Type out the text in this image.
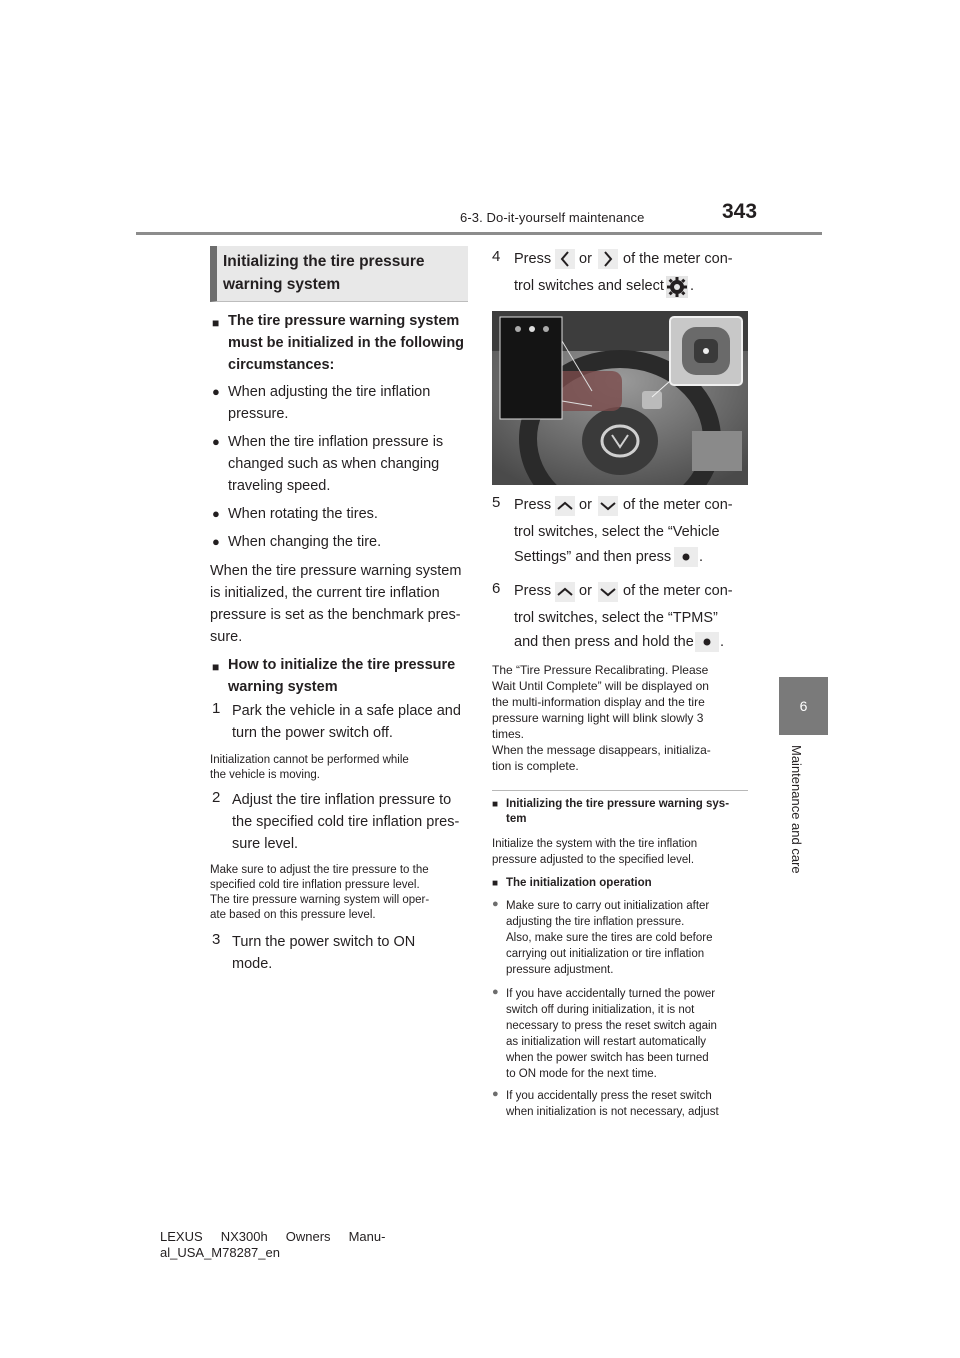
6-3. Do-it-yourself maintenance	343
6
Maintenance and care
Initializing the tire pressure warning system
■ The tire pressure warning system
must be initialized in the following
circumstances:
● When adjusting the tire inflation
pressure.
● When the tire inflation pressure is
changed such as when changing
traveling speed.
● When rotating the tires.
● When changing the tire.
When the tire pressure warning system
is initialized, the current tire inflation
pressure is set as the benchmark pres-
sure.
■ How to initialize the tire pressure
warning system
1 Park the vehicle in a safe place and
turn the power switch off.
Initialization cannot be performed while
the vehicle is moving.
2 Adjust the tire inflation pressure to
the specified cold tire inflation pres-
sure level.
Make sure to adjust the tire pressure to the
specified cold tire inflation pressure level.
The tire pressure warning system will oper-
ate based on this pressure level.
3 Turn the power switch to ON
mode.
4 Press or of the meter con-
trol switches and select .
5 Press or of the meter con-
trol switches, select the “Vehicle
Settings” and then press .
6 Press or of the meter con-
trol switches, select the “TPMS”
and then press and hold the .
The “Tire Pressure Recalibrating. Please
Wait Until Complete” will be displayed on
the multi-information display and the tire
pressure warning light will blink slowly 3
times.
When the message disappears, initializa-
tion is complete.
■ Initializing the tire pressure warning sys-
tem
Initialize the system with the tire inflation
pressure adjusted to the specified level.
■ The initialization operation
● Make sure to carry out initialization after
adjusting the tire inflation pressure.
Also, make sure the tires are cold before
carrying out initialization or tire inflation
pressure adjustment.
● If you have accidentally turned the power
switch off during initialization, it is not
necessary to press the reset switch again
as initialization will restart automatically
when the power switch has been turned
to ON mode for the next time.
● If you accidentally press the reset switch
when initialization is not necessary, adjust
LEXUS     NX300h     Owners     Manu-
al_USA_M78287_en
